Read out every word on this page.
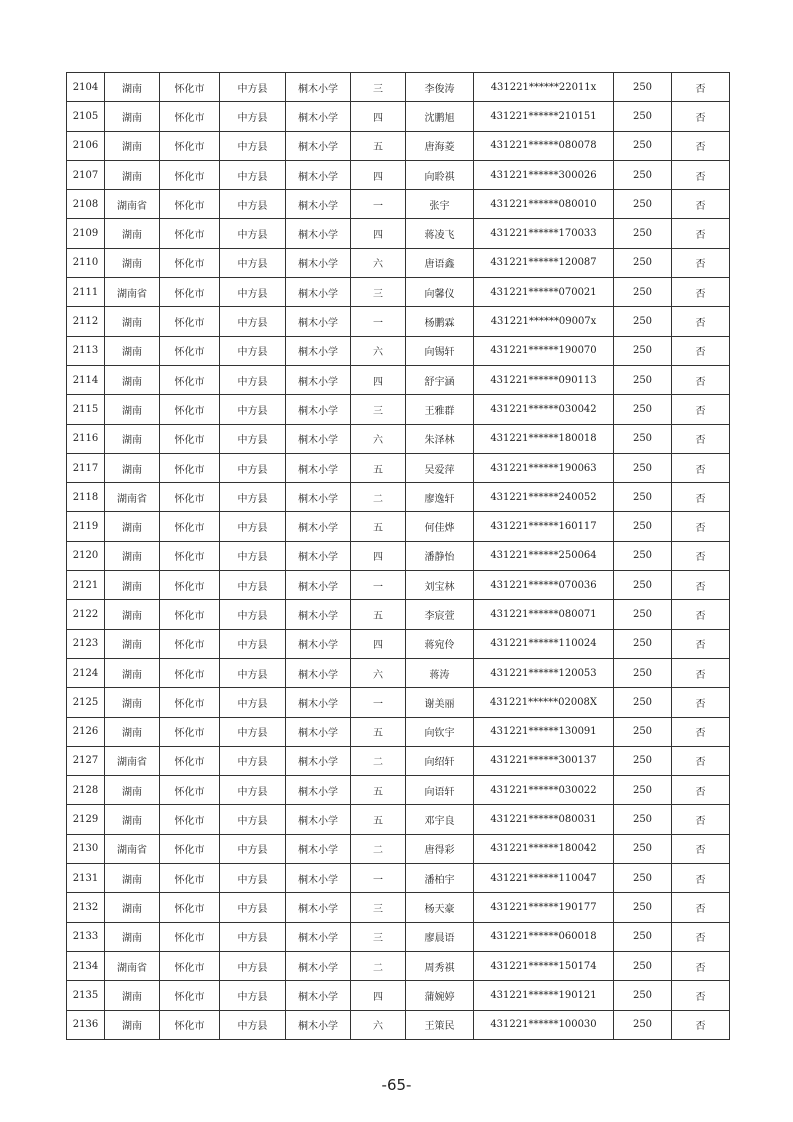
2104	湖南	怀化市	中方县	桐木小学	三	李俊涛	431221******22011x	250	否
2105	湖南	怀化市	中方县	桐木小学	四	沈鹏旭	431221******210151	250	否
2106	湖南	怀化市	中方县	桐木小学	五	唐海菱	431221******080078	250	否
2107	湖南	怀化市	中方县	桐木小学	四	向聆祺	431221******300026	250	否
2108	湖南省	怀化市	中方县	桐木小学	一	张宇	431221******080010	250	否
2109	湖南	怀化市	中方县	桐木小学	四	蒋凌飞	431221******170033	250	否
2110	湖南	怀化市	中方县	桐木小学	六	唐语鑫	431221******120087	250	否
2111	湖南省	怀化市	中方县	桐木小学	三	向馨仪	431221******070021	250	否
2112	湖南	怀化市	中方县	桐木小学	一	杨鹏霖	431221******09007x	250	否
2113	湖南	怀化市	中方县	桐木小学	六	向锡轩	431221******190070	250	否
2114	湖南	怀化市	中方县	桐木小学	四	舒宇涵	431221******090113	250	否
2115	湖南	怀化市	中方县	桐木小学	三	王雅群	431221******030042	250	否
2116	湖南	怀化市	中方县	桐木小学	六	朱泽林	431221******180018	250	否
2117	湖南	怀化市	中方县	桐木小学	五	吴爱萍	431221******190063	250	否
2118	湖南省	怀化市	中方县	桐木小学	二	廖逸轩	431221******240052	250	否
2119	湖南	怀化市	中方县	桐木小学	五	何佳烨	431221******160117	250	否
2120	湖南	怀化市	中方县	桐木小学	四	潘静怡	431221******250064	250	否
2121	湖南	怀化市	中方县	桐木小学	一	刘宝林	431221******070036	250	否
2122	湖南	怀化市	中方县	桐木小学	五	李宸萱	431221******080071	250	否
2123	湖南	怀化市	中方县	桐木小学	四	蒋宛伶	431221******110024	250	否
2124	湖南	怀化市	中方县	桐木小学	六	蒋涛	431221******120053	250	否
2125	湖南	怀化市	中方县	桐木小学	一	谢美丽	431221******02008X	250	否
2126	湖南	怀化市	中方县	桐木小学	五	向钦宇	431221******130091	250	否
2127	湖南省	怀化市	中方县	桐木小学	二	向绍轩	431221******300137	250	否
2128	湖南	怀化市	中方县	桐木小学	五	向语轩	431221******030022	250	否
2129	湖南	怀化市	中方县	桐木小学	五	邓宇良	431221******080031	250	否
2130	湖南省	怀化市	中方县	桐木小学	二	唐得彩	431221******180042	250	否
2131	湖南	怀化市	中方县	桐木小学	一	潘柏宇	431221******110047	250	否
2132	湖南	怀化市	中方县	桐木小学	三	杨天豪	431221******190177	250	否
2133	湖南	怀化市	中方县	桐木小学	三	廖晨语	431221******060018	250	否
2134	湖南省	怀化市	中方县	桐木小学	二	周秀祺	431221******150174	250	否
2135	湖南	怀化市	中方县	桐木小学	四	蒲婉婷	431221******190121	250	否
2136	湖南	怀化市	中方县	桐木小学	六	王策民	431221******100030	250	否
-65-
